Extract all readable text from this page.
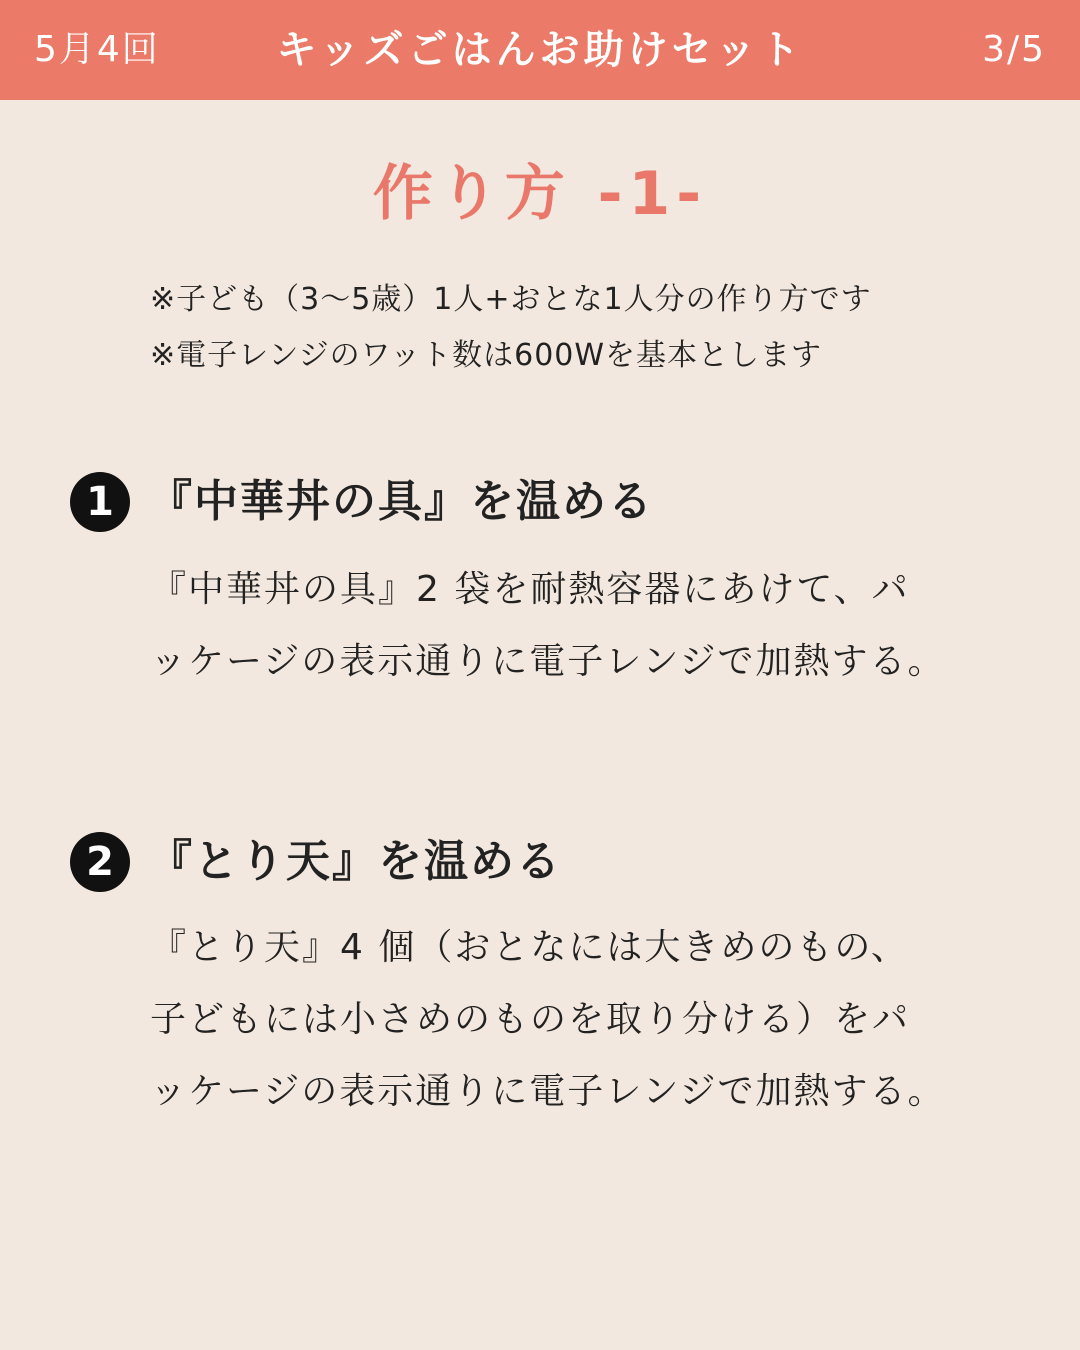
5月4回	キッズごはんお助けセット	3/5
作り方 -1-
※子ども（3〜5歳）1人+おとな1人分の作り方です
※電子レンジのワット数は600Wを基本とします
1 『中華丼の具』を温める
『中華丼の具』2 袋を耐熱容器にあけて、パ
ッケージの表示通りに電子レンジで加熱する。
2 『とり天』を温める
『とり天』4 個（おとなには大きめのもの、
子どもには小さめのものを取り分ける）をパ
ッケージの表示通りに電子レンジで加熱する。
